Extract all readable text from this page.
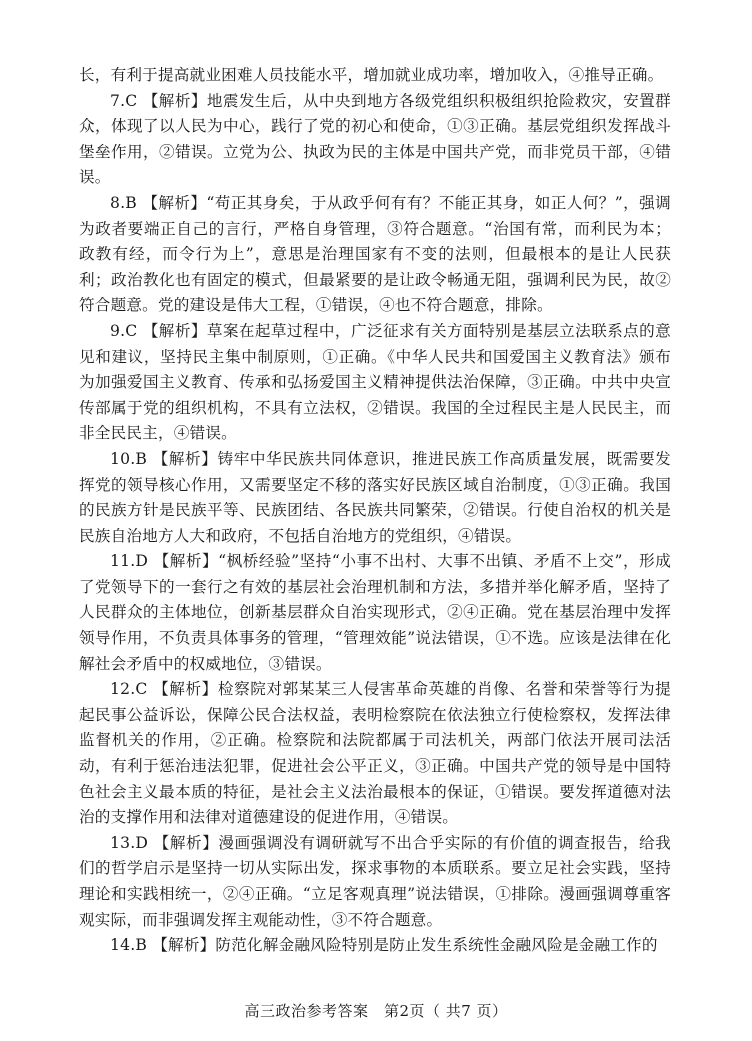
长，有利于提高就业困难人员技能水平，增加就业成功率，增加收入，④推导正确。

7.C 【解析】地震发生后，从中央到地方各级党组织积极组织抢险救灾，安置群众，体现了以人民为中心，践行了党的初心和使命，①③正确。基层党组织发挥战斗堡垒作用，②错误。立党为公、执政为民的主体是中国共产党，而非党员干部，④错误。

8.B 【解析】“苟正其身矣，于从政乎何有有？不能正其身，如正人何？”，强调为政者要端正自己的言行，严格自身管理，③符合题意。“治国有常，而利民为本；政教有经，而令行为上”，意思是治理国家有不变的法则，但最根本的是让人民获利；政治教化也有固定的模式，但最紧要的是让政令畅通无阻，强调利民为民，故②符合题意。党的建设是伟大工程，①错误，④也不符合题意，排除。

9.C 【解析】草案在起草过程中，广泛征求有关方面特别是基层立法联系点的意见和建议，坚持民主集中制原则，①正确。《中华人民共和国爱国主义教育法》颁布为加强爱国主义教育、传承和弘扬爱国主义精神提供法治保障，③正确。中共中央宣传部属于党的组织机构，不具有立法权，②错误。我国的全过程民主是人民民主，而非全民民主，④错误。

10.B 【解析】铸牢中华民族共同体意识，推进民族工作高质量发展，既需要发挥党的领导核心作用，又需要坚定不移的落实好民族区域自治制度，①③正确。我国的民族方针是民族平等、民族团结、各民族共同繁荣，②错误。行使自治权的机关是民族自治地方人大和政府，不包括自治地方的党组织，④错误。

11.D 【解析】“枫桥经验”坚持“小事不出村、大事不出镇、矛盾不上交”，形成了党领导下的一套行之有效的基层社会治理机制和方法，多措并举化解矛盾，坚持了人民群众的主体地位，创新基层群众自治实现形式，②④正确。党在基层治理中发挥领导作用，不负责具体事务的管理，“管理效能”说法错误，①不选。应该是法律在化解社会矛盾中的权威地位，③错误。

12.C 【解析】检察院对郭某某三人侵害革命英雄的肖像、名誉和荣誉等行为提起民事公益诉讼，保障公民合法权益，表明检察院在依法独立行使检察权，发挥法律监督机关的作用，②正确。检察院和法院都属于司法机关，两部门依法开展司法活动，有利于惩治违法犯罪，促进社会公平正义，③正确。中国共产党的领导是中国特色社会主义最本质的特征，是社会主义法治最根本的保证，①错误。要发挥道德对法治的支撑作用和法律对道德建设的促进作用，④错误。

13.D 【解析】漫画强调没有调研就写不出合乎实际的有价值的调查报告，给我们的哲学启示是坚持一切从实际出发，探求事物的本质联系。要立足社会实践，坚持理论和实践相统一，②④正确。“立足客观真理”说法错误，①排除。漫画强调尊重客观实际，而非强调发挥主观能动性，③不符合题意。

14.B 【解析】防范化解金融风险特别是防止发生系统性金融风险是金融工作的

高三政治参考答案　第2页（ 共7 页）
